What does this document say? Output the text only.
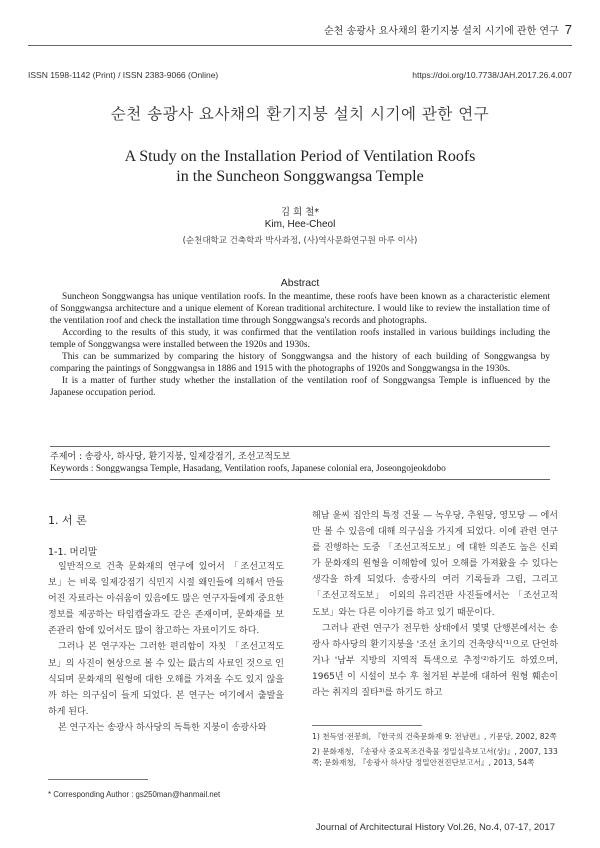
순천 송광사 요사채의 환기지붕 설치 시기에 관한 연구 7
ISSN 1598-1142 (Print) / ISSN 2383-9066 (Online)	https://doi.org/10.7738/JAH.2017.26.4.007
순천 송광사 요사채의 환기지붕 설치 시기에 관한 연구
A Study on the Installation Period of Ventilation Roofs
in the Suncheon Songgwangsa Temple
김 희 철*
Kim, Hee-Cheol
(순천대학교 건축학과 박사과정, (사)역사문화연구원 마루 이사)
Abstract

Suncheon Songgwangsa has unique ventilation roofs. In the meantime, these roofs have been known as a characteristic element of Songgwangsa architecture and a unique element of Korean traditional architecture. I would like to review the installation time of the ventilation roof and check the installation time through Songgwangsa's records and photographs.

According to the results of this study, it was confirmed that the ventilation roofs installed in various buildings including the temple of Songgwangsa were installed between the 1920s and 1930s.

This can be summarized by comparing the history of Songgwangsa and the history of each building of Songgwangsa by comparing the paintings of Songgwangsa in 1886 and 1915 with the photographs of 1920s and Songgwangsa in the 1930s.

It is a matter of further study whether the installation of the ventilation roof of Songgwangsa Temple is influenced by the Japanese occupation period.

주제어 : 송광사, 하사당, 환기지붕, 일제강점기, 조선고적도보
Keywords : Songgwangsa Temple, Hasadang, Ventilation roofs, Japanese colonial era, Joseongojeokdobo
1. 서 론
1-1. 머리말

일반적으로 건축 문화재의 연구에 있어서 「조선고적도보」는 비록 일제강점기 식민지 시절 왜인들에 의해서 만들어진 자료라는 아쉬움이 있음에도 많은 연구자들에게 중요한 정보를 제공하는 타임캡슐과도 같은 존재이며, 문화재를 보존관리 함에 있어서도 많이 참고하는 자료이기도 하다.

그러나 본 연구자는 그러한 편리함이 자칫 「조선고적도보」의 사진이 현상으로 볼 수 있는 最古의 사료인 것으로 인식되며 문화재의 원형에 대한 오해를 가져올 수도 있지 않을까 하는 의구심이 들게 되었다. 본 연구는 여기에서 출발을 하게 된다.

본 연구자는 송광사 하사당의 독특한 지붕이 송광사와

* Corresponding Author : gs250man@hanmail.net

해남 윤씨 집안의 특정 건물 — 녹우당, 추원당, 영모당 — 에서만 볼 수 있음에 대해 의구심을 가지게 되었다. 이에 관련 연구를 진행하는 도중 「조선고적도보」에 대한 의존도 높은 신뢰가 문화재의 원형을 이해함에 있어 오해를 가져왔을 수 있다는 생각을 하게 되었다. 송광사의 여러 기록들과 그림, 그리고 「조선고적도보」 이외의 유리건판 사진들에서는 「조선고적도보」와는 다른 이야기를 하고 있기 때문이다.

그러나 관련 연구가 전무한 상태에서 몇몇 단행본에서는 송광사 하사당의 환기지붕을 '조선 초기의 건축양식'¹⁾으로 단언하거나 '남부 지방의 지역적 특색으로 추정'²⁾하기도 하였으며, 1965년 이 시설이 보수 후 철거된 부분에 대하여 원형 훼손이라는 취지의 질타³⁾를 하기도 하고

1) 천득염·전봉희, 『한국의 건축문화재 9: 전남편』, 기문당, 2002, 82쪽
2) 문화재청, 『송광사 중요목조건축물 정밀실측보고서(상)』, 2007, 133쪽; 문화재청, 『송광사 하사당 정밀안전진단보고서』, 2013, 54쪽
Journal of Architectural History Vol.26, No.4, 07-17, 2017
